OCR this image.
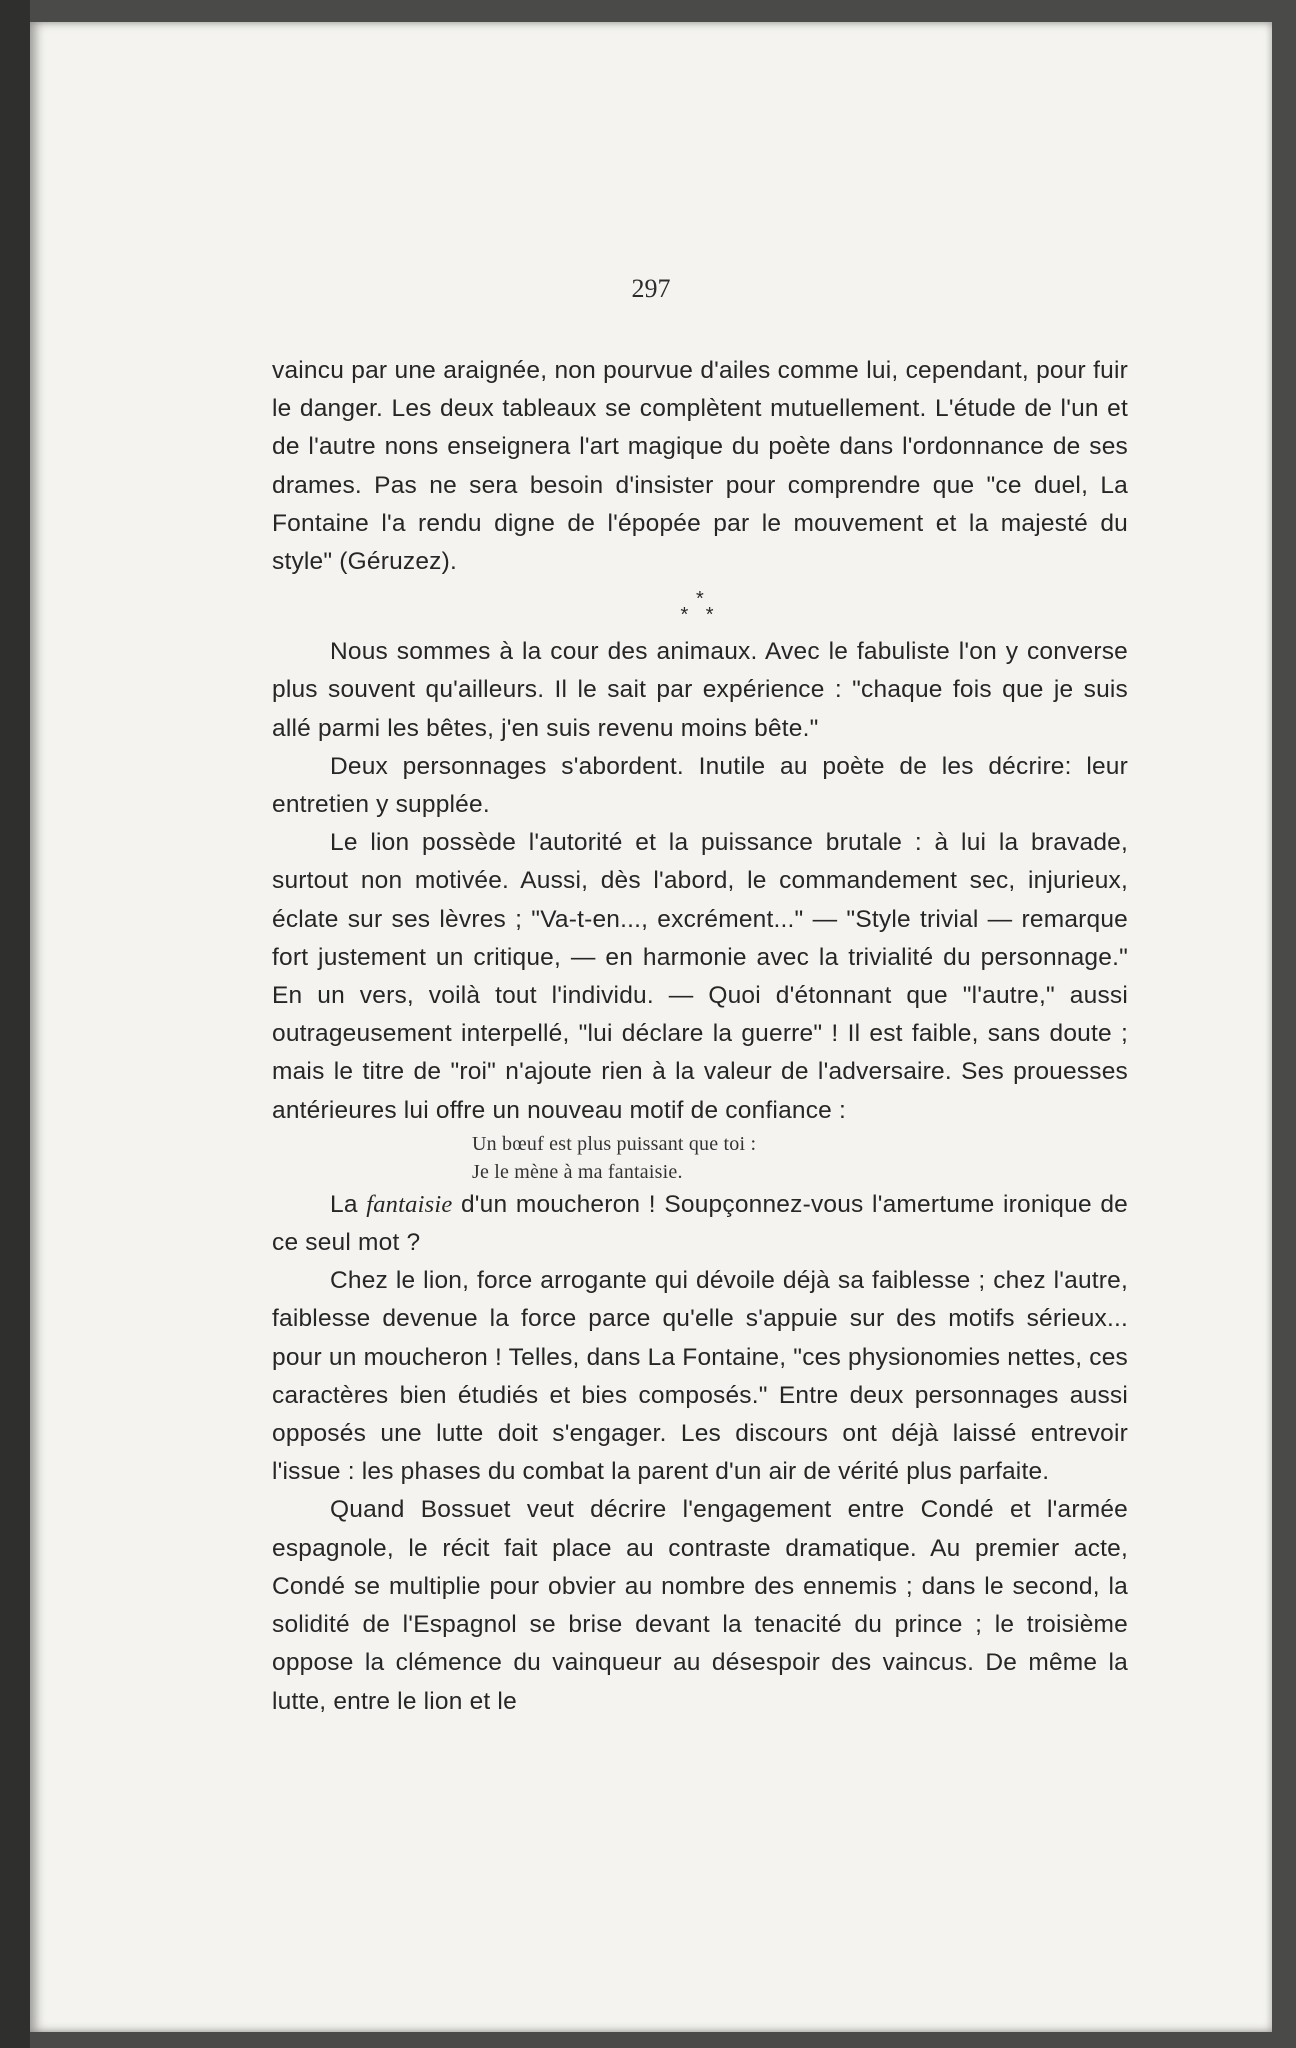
297

vaincu par une araignée, non pourvue d'ailes comme lui, cependant, pour fuir le danger. Les deux tableaux se complètent mutuellement. L'étude de l'un et de l'autre nons enseignera l'art magique du poète dans l'ordonnance de ses drames. Pas ne sera besoin d'insister pour comprendre que "ce duel, La Fontaine l'a rendu digne de l'épopée par le mouvement et la majesté du style" (Géruzez).

*
* *

Nous sommes à la cour des animaux. Avec le fabuliste l'on y converse plus souvent qu'ailleurs. Il le sait par expérience : "chaque fois que je suis allé parmi les bêtes, j'en suis revenu moins bête."

Deux personnages s'abordent. Inutile au poète de les décrire: leur entretien y supplée.

Le lion possède l'autorité et la puissance brutale : à lui la bravade, surtout non motivée. Aussi, dès l'abord, le commandement sec, injurieux, éclate sur ses lèvres ; "Va-t-en..., excrément..." — "Style trivial — remarque fort justement un critique, — en harmonie avec la trivialité du personnage." En un vers, voilà tout l'individu. — Quoi d'étonnant que "l'autre," aussi outrageusement interpellé, "lui déclare la guerre" ! Il est faible, sans doute ; mais le titre de "roi" n'ajoute rien à la valeur de l'adversaire. Ses prouesses antérieures lui offre un nouveau motif de confiance :

Un bœuf est plus puissant que toi :
Je le mène à ma fantaisie.

La fantaisie d'un moucheron ! Soupçonnez-vous l'amertume ironique de ce seul mot ?

Chez le lion, force arrogante qui dévoile déjà sa faiblesse ; chez l'autre, faiblesse devenue la force parce qu'elle s'appuie sur des motifs sérieux... pour un moucheron ! Telles, dans La Fontaine, "ces physionomies nettes, ces caractères bien étudiés et bies composés." Entre deux personnages aussi opposés une lutte doit s'engager. Les discours ont déjà laissé entrevoir l'issue : les phases du combat la parent d'un air de vérité plus parfaite.

Quand Bossuet veut décrire l'engagement entre Condé et l'armée espagnole, le récit fait place au contraste dramatique. Au premier acte, Condé se multiplie pour obvier au nombre des ennemis ; dans le second, la solidité de l'Espagnol se brise devant la tenacité du prince ; le troisième oppose la clémence du vainqueur au désespoir des vaincus. De même la lutte, entre le lion et le
